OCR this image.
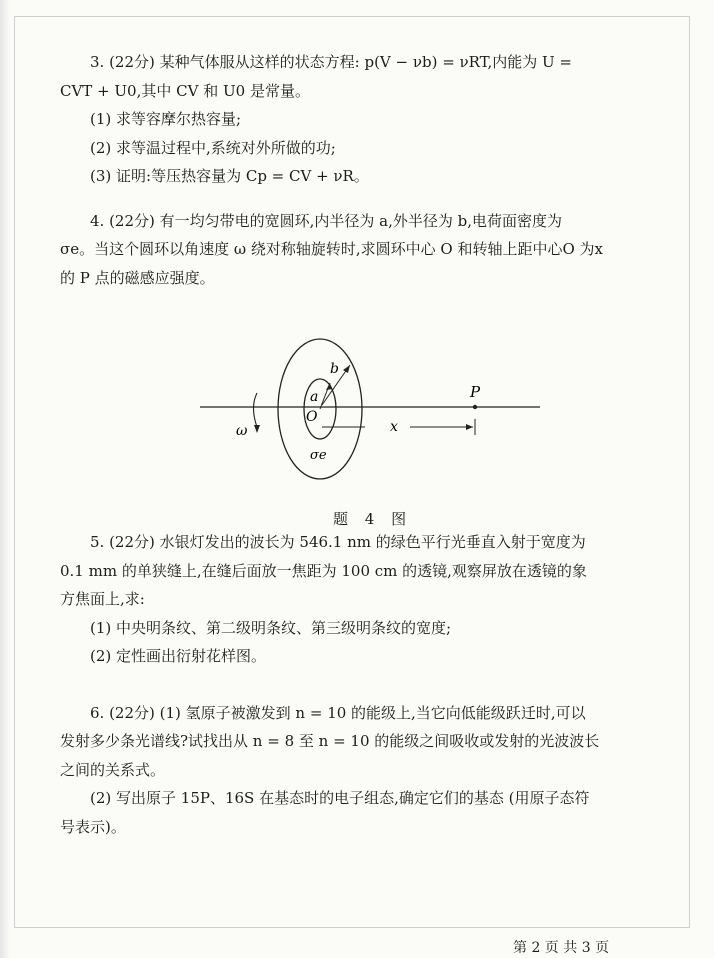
3. (22分) 某种气体服从这样的状态方程: p(V − νb) = νRT,内能为 U =

CVT + U0,其中 CV 和 U0 是常量。

(1) 求等容摩尔热容量;

(2) 求等温过程中,系统对外所做的功;

(3) 证明:等压热容量为 Cp = CV + νR。

4. (22分) 有一均匀带电的宽圆环,内半径为 a,外半径为 b,电荷面密度为

σe。当这个圆环以角速度 ω 绕对称轴旋转时,求圆环中心 O 和转轴上距中心O 为x

的 P 点的磁感应强度。

5. (22分) 水银灯发出的波长为 546.1 nm 的绿色平行光垂直入射于宽度为

0.1 mm 的单狭缝上,在缝后面放一焦距为 100 cm 的透镜,观察屏放在透镜的象

方焦面上,求:

(1) 中央明条纹、第二级明条纹、第三级明条纹的宽度;

(2) 定性画出衍射花样图。

6. (22分) (1) 氢原子被激发到 n = 10 的能级上,当它向低能级跃迁时,可以

发射多少条光谱线?试找出从 n = 8 至 n = 10 的能级之间吸收或发射的光波波长

之间的关系式。

(2) 写出原子 15P、16S 在基态时的电子组态,确定它们的基态 (用原子态符

号表示)。

b
a
O
P
x
ω
σe
题 4 图
第 2 页 共 3 页
